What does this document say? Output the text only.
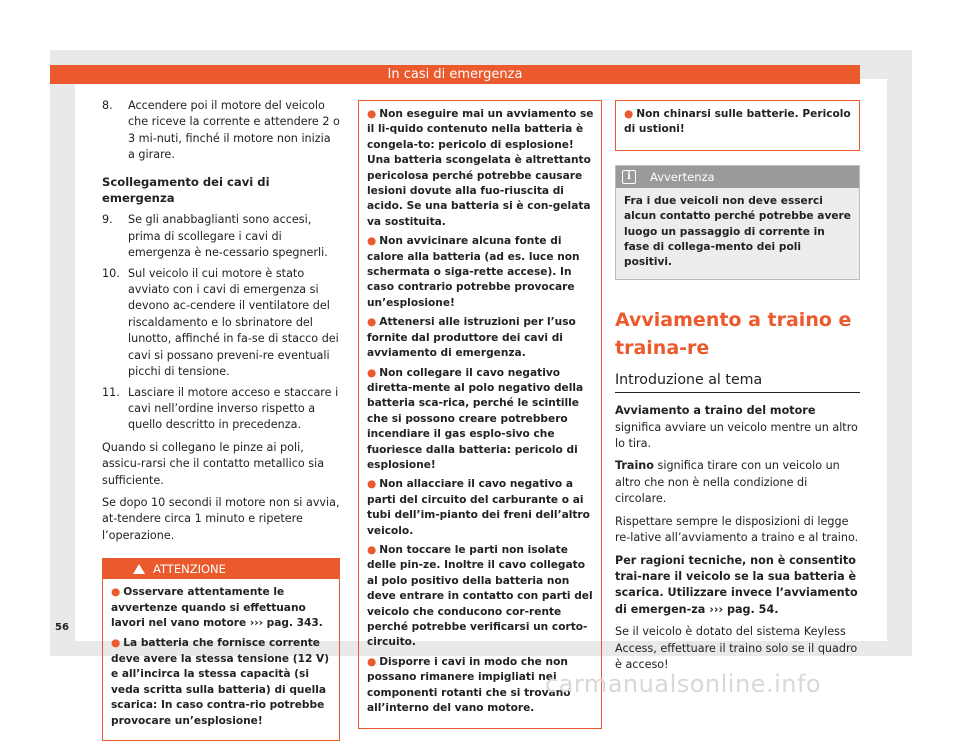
In casi di emergenza
8.	Accendere poi il motore del veicolo che riceve la corrente e attendere 2 o 3 mi-nuti, finché il motore non inizia a girare.
Scollegamento dei cavi di emergenza
9.	Se gli anabbaglianti sono accesi, prima di scollegare i cavi di emergenza è ne-cessario spegnerli.
10. Sul veicolo il cui motore è stato avviato con i cavi di emergenza si devono ac-cendere il ventilatore del riscaldamento e lo sbrinatore del lunotto, affinché in fa-se di stacco dei cavi si possano preveni-re eventuali picchi di tensione.
11. Lasciare il motore acceso e staccare i cavi nell’ordine inverso rispetto a quello descritto in precedenza.
Quando si collegano le pinze ai poli, assicu-rarsi che il contatto metallico sia sufficiente.
Se dopo 10 secondi il motore non si avvia, at-tendere circa 1 minuto e ripetere l’operazione.
ATTENZIONE
● Osservare attentamente le avvertenze quando si effettuano lavori nel vano motore ››› pag. 343.
● La batteria che fornisce corrente deve avere la stessa tensione (12 V) e all’incirca la stessa capacità (si veda scritta sulla batteria) di quella scarica: In caso contra-rio potrebbe provocare un’esplosione!
● Non eseguire mai un avviamento se il li-quido contenuto nella batteria è congela-to: pericolo di esplosione! Una batteria scongelata è altrettanto pericolosa perché potrebbe causare lesioni dovute alla fuo-riuscita di acido. Se una batteria si è con-gelata va sostituita.
● Non avvicinare alcuna fonte di calore alla batteria (ad es. luce non schermata o siga-rette accese). In caso contrario potrebbe provocare un’esplosione!
● Attenersi alle istruzioni per l’uso fornite dal produttore dei cavi di avviamento di emergenza.
● Non collegare il cavo negativo diretta-mente al polo negativo della batteria sca-rica, perché le scintille che si possono creare potrebbero incendiare il gas esplo-sivo che fuoriesce dalla batteria: pericolo di esplosione!
● Non allacciare il cavo negativo a parti del circuito del carburante o ai tubi dell’im-pianto dei freni dell’altro veicolo.
● Non toccare le parti non isolate delle pin-ze. Inoltre il cavo collegato al polo positivo della batteria non deve entrare in contatto con parti del veicolo che conducono cor-rente perché potrebbe verificarsi un corto-circuito.
● Disporre i cavi in modo che non possano rimanere impigliati nei componenti rotanti che si trovano all’interno del vano motore.
● Non chinarsi sulle batterie. Pericolo di ustioni!
i	Avvertenza
Fra i due veicoli non deve esserci alcun contatto perché potrebbe avere luogo un passaggio di corrente in fase di collega-mento dei poli positivi.
Avviamento a traino e traina-re
Introduzione al tema
Avviamento a traino del motore significa avviare un veicolo mentre un altro lo tira.
Traino significa tirare con un veicolo un altro che non è nella condizione di circolare.
Rispettare sempre le disposizioni di legge re-lative all’avviamento a traino e al traino.
Per ragioni tecniche, non è consentito trai-nare il veicolo se la sua batteria è scarica. Utilizzare invece l’avviamento di emergen-za ››› pag. 54.
Se il veicolo è dotato del sistema Keyless Access, effettuare il traino solo se il quadro è acceso!
56
carmanualsonline.info
